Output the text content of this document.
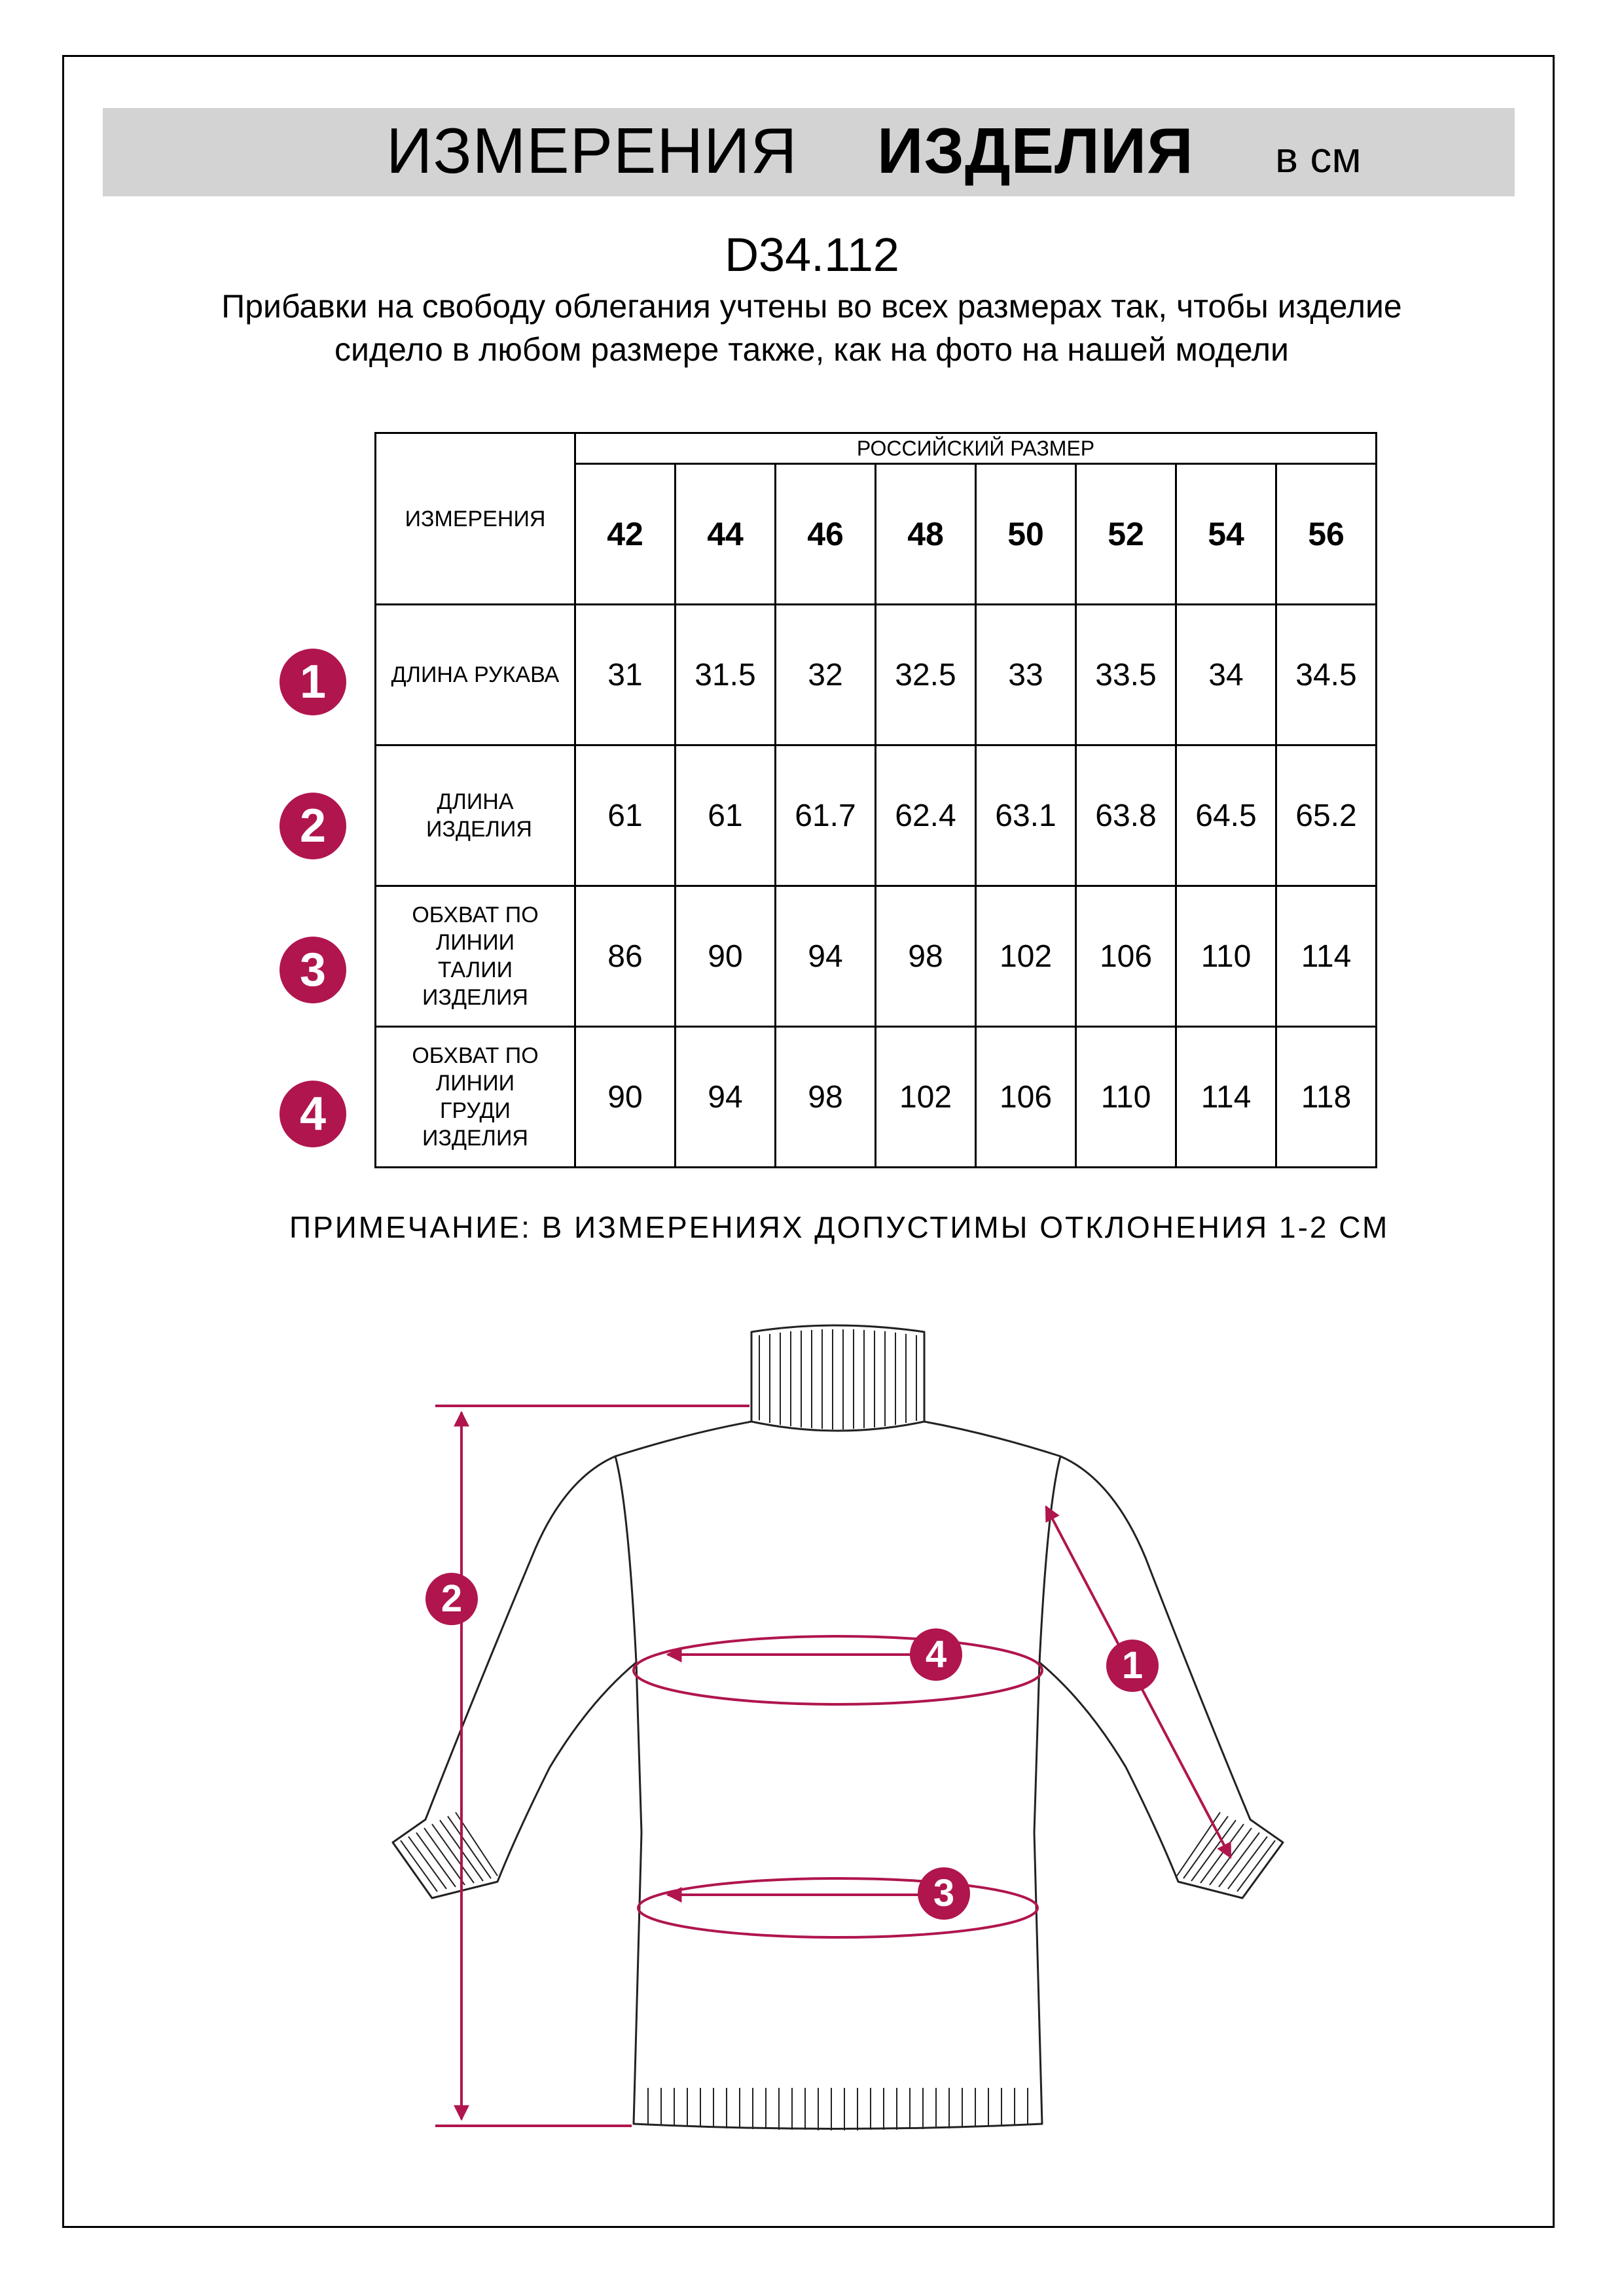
ИЗМЕРЕНИЯ ИЗДЕЛИЯ в см
D34.112
Прибавки на свободу облегания учтены во всех размерах так, чтобы изделие сидело в любом размере также, как на фото на нашей модели
ИЗМЕРЕНИЯ	РОССИЙСКИЙ РАЗМЕР							
	42	44	46	48	50	52	54	56
ДЛИНА РУКАВА	31	31.5	32	32.5	33	33.5	34	34.5

ДЛИНА ИЗДЕЛИЯ	61	61	61.7	62.4	63.1	63.8	64.5	65.2

ОБХВАТ ПО ЛИНИИ ТАЛИИ ИЗДЕЛИЯ	86	90	94	98	102	106	110	114

ОБХВАТ ПО ЛИНИИ ГРУДИ ИЗДЕЛИЯ	90	94	98	102	106	110	114	118
1
2
3
4
ПРИМЕЧАНИЕ: В ИЗМЕРЕНИЯХ ДОПУСТИМЫ ОТКЛОНЕНИЯ 1-2 СМ
2
4	1
3
